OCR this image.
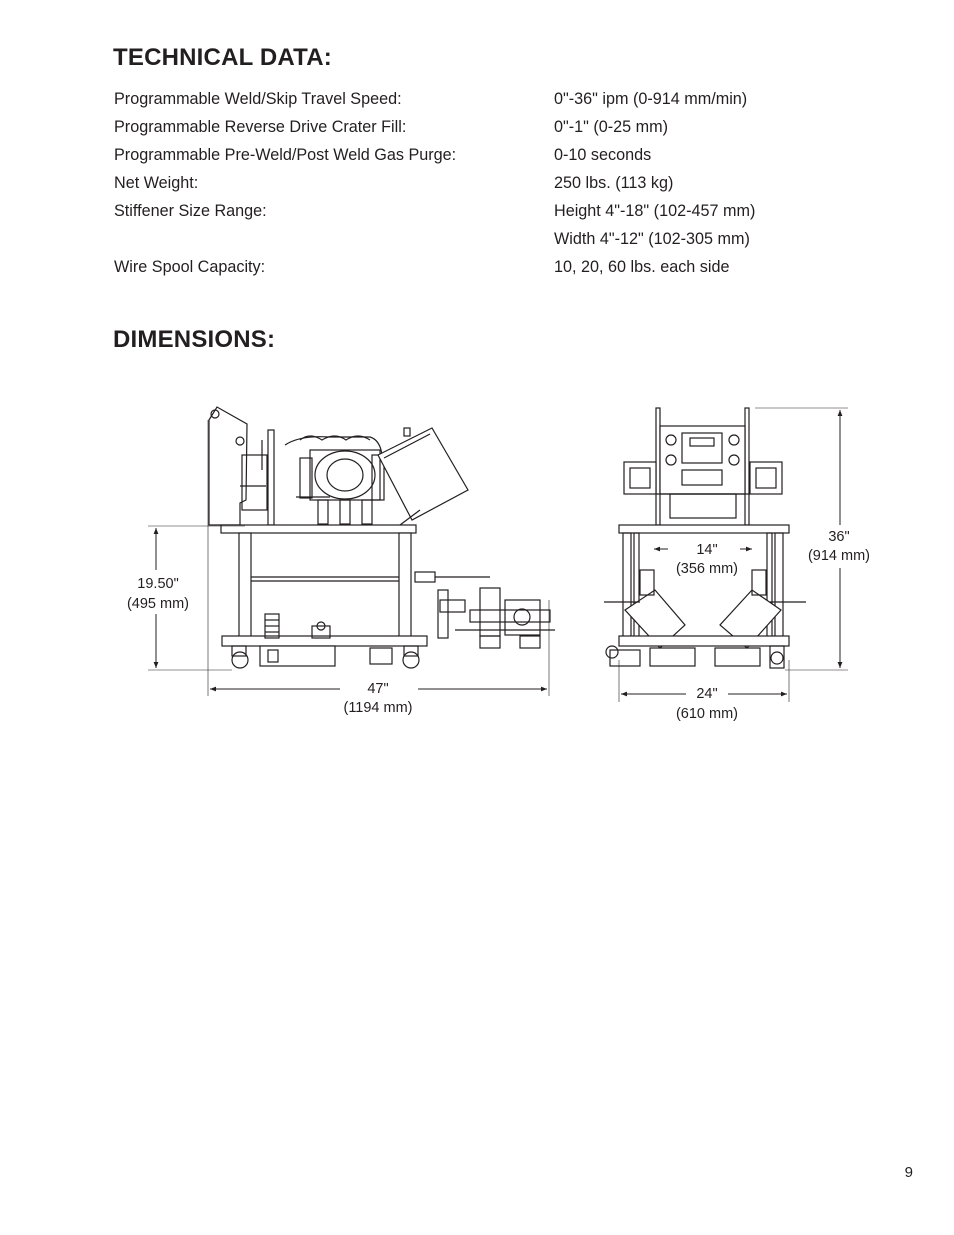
TECHNICAL DATA:
Programmable Weld/Skip Travel Speed:	0"-36" ipm (0-914 mm/min)
Programmable Reverse Drive Crater Fill:	0"-1" (0-25 mm)
Programmable Pre-Weld/Post Weld Gas Purge:	0-10 seconds
Net Weight:	250 lbs. (113 kg)
Stiffener Size Range:	Height 4"-18" (102-457 mm)
Width 4"-12" (102-305 mm)
Wire Spool Capacity:	10, 20, 60 lbs. each side
DIMENSIONS:
19.50"
(495 mm)
47"
(1194 mm)
14"
(356 mm)
36"
(914 mm)
24"
(610 mm)
9
